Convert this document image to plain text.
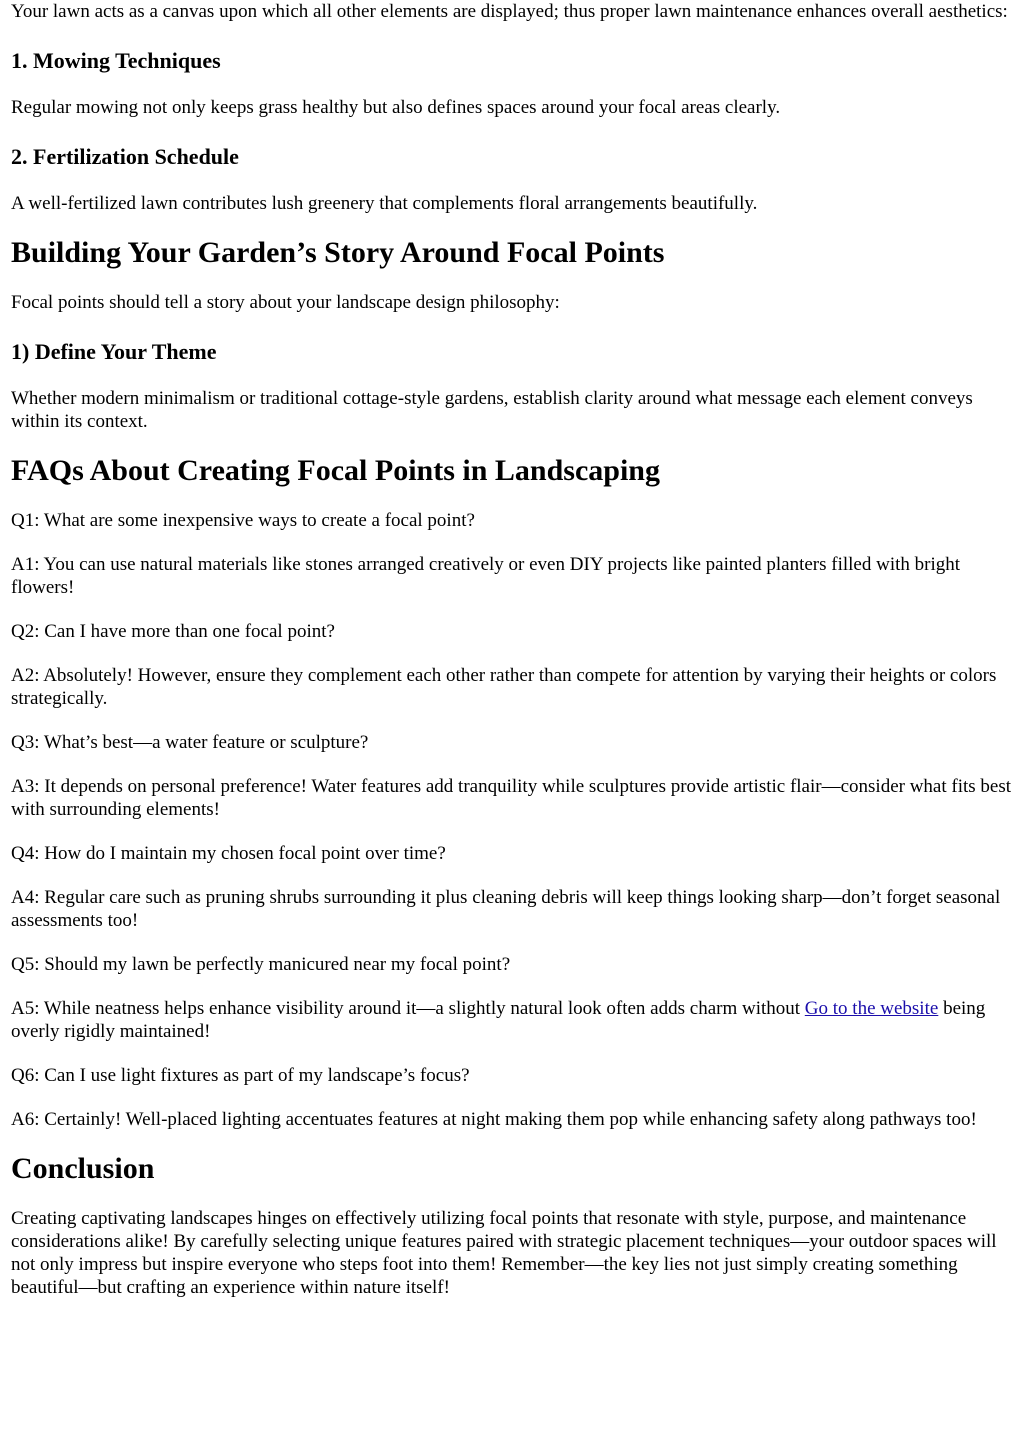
Your lawn acts as a canvas upon which all other elements are displayed; thus proper lawn maintenance enhances overall aesthetics:

1. Mowing Techniques

Regular mowing not only keeps grass healthy but also defines spaces around your focal areas clearly.

2. Fertilization Schedule

A well-fertilized lawn contributes lush greenery that complements floral arrangements beautifully.

Building Your Garden’s Story Around Focal Points

Focal points should tell a story about your landscape design philosophy:

1) Define Your Theme

Whether modern minimalism or traditional cottage-style gardens, establish clarity around what message each element conveys within its context.

FAQs About Creating Focal Points in Landscaping

Q1: What are some inexpensive ways to create a focal point?

A1: You can use natural materials like stones arranged creatively or even DIY projects like painted planters filled with bright flowers!

Q2: Can I have more than one focal point?

A2: Absolutely! However, ensure they complement each other rather than compete for attention by varying their heights or colors strategically.

Q3: What’s best—a water feature or sculpture?

A3: It depends on personal preference! Water features add tranquility while sculptures provide artistic flair—consider what fits best with surrounding elements!

Q4: How do I maintain my chosen focal point over time?

A4: Regular care such as pruning shrubs surrounding it plus cleaning debris will keep things looking sharp—don’t forget seasonal assessments too!

Q5: Should my lawn be perfectly manicured near my focal point?

A5: While neatness helps enhance visibility around it—a slightly natural look often adds charm without Go to the website being overly rigidly maintained!

Q6: Can I use light fixtures as part of my landscape’s focus?

A6: Certainly! Well-placed lighting accentuates features at night making them pop while enhancing safety along pathways too!

Conclusion

Creating captivating landscapes hinges on effectively utilizing focal points that resonate with style, purpose, and maintenance considerations alike! By carefully selecting unique features paired with strategic placement techniques—your outdoor spaces will not only impress but inspire everyone who steps foot into them! Remember—the key lies not just simply creating something beautiful—but crafting an experience within nature itself!
